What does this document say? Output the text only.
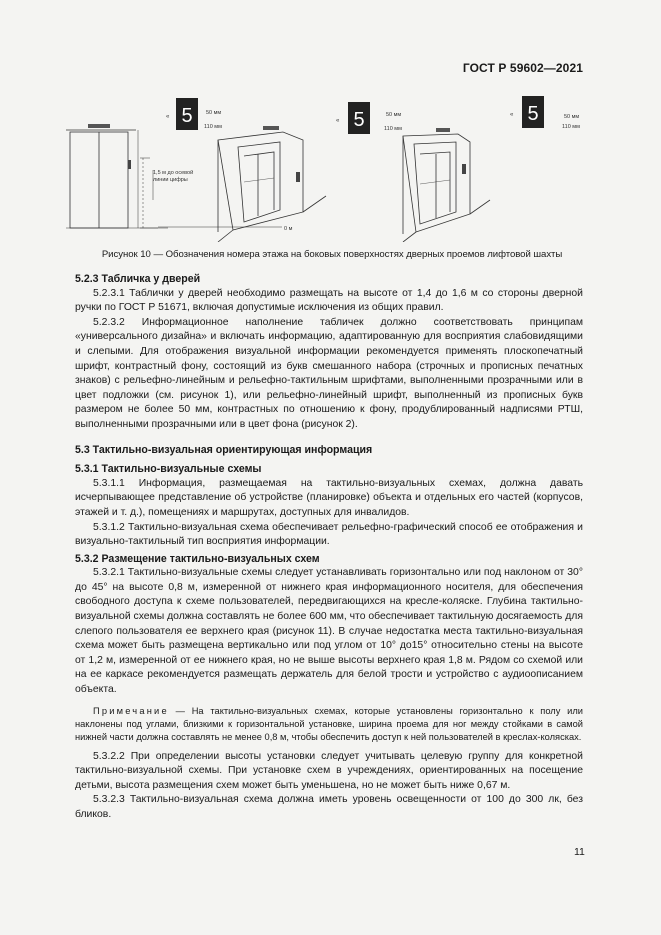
ГОСТ Р 59602—2021
1,5 м до осевой
линии цифры
0 м
5
«
50 мм
110 мм	5
«
50 мм
110 мм
5
«	50 мм
110 мм
Рисунок 10 — Обозначения номера этажа на боковых поверхностях дверных проемов лифтовой шахты
5.2.3 Табличка у дверей

5.2.3.1 Таблички у дверей необходимо размещать на высоте от 1,4 до 1,6 м со стороны дверной ручки по ГОСТ Р 51671, включая допустимые исключения из общих правил.

5.2.3.2 Информационное наполнение табличек должно соответствовать принципам «универсального дизайна» и включать информацию, адаптированную для восприятия слабовидящими и слепыми. Для отображения визуальной информации рекомендуется применять плоскопечатный шрифт, контрастный фону, состоящий из букв смешанного набора (строчных и прописных печатных знаков) с рельефно-линейным и рельефно-тактильным шрифтами, выполненными прозрачными или в цвет подложки (см. рисунок 1), или рельефно-линейный шрифт, выполненный из прописных букв размером не более 50 мм, контрастных по отношению к фону, продублированный надписями РТШ, выполненными прозрачными или в цвет фона (рисунок 2).

5.3 Тактильно-визуальная ориентирующая информация
5.3.1 Тактильно-визуальные схемы

5.3.1.1 Информация, размещаемая на тактильно-визуальных схемах, должна давать исчерпывающее представление об устройстве (планировке) объекта и отдельных его частей (корпусов, этажей и т. д.), помещениях и маршрутах, доступных для инвалидов.

5.3.1.2 Тактильно-визуальная схема обеспечивает рельефно-графический способ ее отображения и визуально-тактильный тип восприятия информации.

5.3.2 Размещение тактильно-визуальных схем

5.3.2.1 Тактильно-визуальные схемы следует устанавливать горизонтально или под наклоном от 30° до 45° на высоте 0,8 м, измеренной от нижнего края информационного носителя, для обеспечения свободного доступа к схеме пользователей, передвигающихся на кресле-коляске. Глубина тактильно-визуальной схемы должна составлять не более 600 мм, что обеспечивает тактильную досягаемость для слепого пользователя ее верхнего края (рисунок 11). В случае недостатка места тактильно-визуальная схема может быть размещена вертикально или под углом от 10° до15° относительно стены на высоте от 1,2 м, измеренной от ее нижнего края, но не выше высоты верхнего края 1,8 м. Рядом со схемой или на ее каркасе рекомендуется размещать держатель для белой трости и устройство с аудиоописанием объекта.

Примечание — На тактильно-визуальных схемах, которые установлены горизонтально к полу или наклонены под углами, близкими к горизонтальной установке, ширина проема для ног между стойками в самой нижней части должна составлять не менее 0,8 м, чтобы обеспечить доступ к ней пользователей в креслах-колясках.

5.3.2.2 При определении высоты установки следует учитывать целевую группу для конкретной тактильно-визуальной схемы. При установке схем в учреждениях, ориентированных на посещение детьми, высота размещения схем может быть уменьшена, но не может быть ниже 0,67 м.

5.3.2.3 Тактильно-визуальная схема должна иметь уровень освещенности от 100 до 300 лк, без бликов.

11
